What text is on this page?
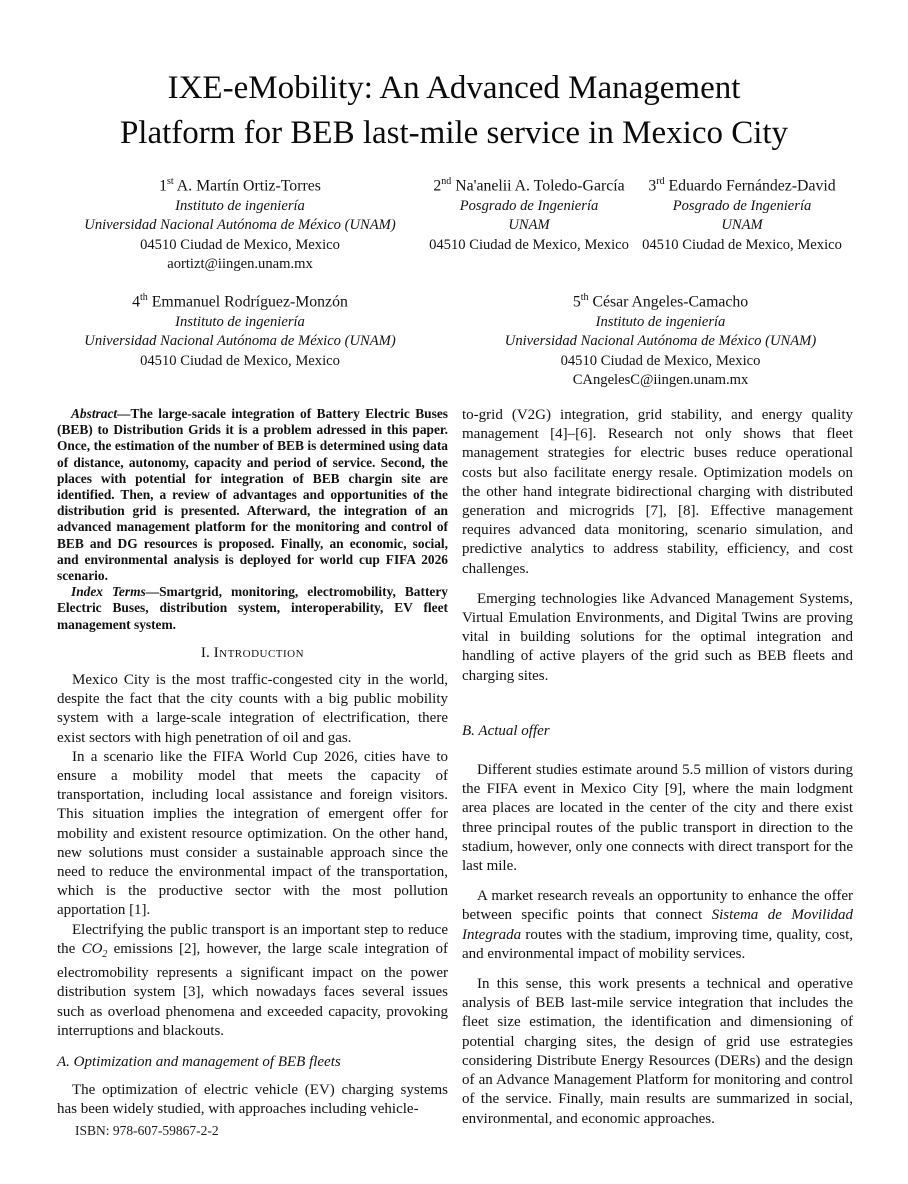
IXE-eMobility: An Advanced Management
Platform for BEB last-mile service in Mexico City
1st A. Martín Ortiz-Torres
Instituto de ingeniería
Universidad Nacional Autónoma de México (UNAM)
04510 Ciudad de Mexico, Mexico
aortizt@iingen.unam.mx
2nd Na'anelii A. Toledo-García
Posgrado de Ingeniería
UNAM
04510 Ciudad de Mexico, Mexico
3rd Eduardo Fernández-David
Posgrado de Ingeniería
UNAM
04510 Ciudad de Mexico, Mexico
4th Emmanuel Rodríguez-Monzón
Instituto de ingeniería
Universidad Nacional Autónoma de México (UNAM)
04510 Ciudad de Mexico, Mexico
5th César Angeles-Camacho
Instituto de ingeniería
Universidad Nacional Autónoma de México (UNAM)
04510 Ciudad de Mexico, Mexico
CAngelesC@iingen.unam.mx

Abstract—The large-sacale integration of Battery Electric Buses (BEB) to Distribution Grids it is a problem adressed in this paper. Once, the estimation of the number of BEB is determined using data of distance, autonomy, capacity and period of service. Second, the places with potential for integration of BEB chargin site are identified. Then, a review of advantages and opportunities of the distribution grid is presented. Afterward, the integration of an advanced management platform for the monitoring and control of BEB and DG resources is proposed. Finally, an economic, social, and environmental analysis is deployed for world cup FIFA 2026 scenario.

Index Terms—Smartgrid, monitoring, electromobility, Battery Electric Buses, distribution system, interoperability, EV fleet management system.

I. Introduction

Mexico City is the most traffic-congested city in the world, despite the fact that the city counts with a big public mobility system with a large-scale integration of electrification, there exist sectors with high penetration of oil and gas.

In a scenario like the FIFA World Cup 2026, cities have to ensure a mobility model that meets the capacity of transportation, including local assistance and foreign visitors. This situation implies the integration of emergent offer for mobility and existent resource optimization. On the other hand, new solutions must consider a sustainable approach since the need to reduce the environmental impact of the transportation, which is the productive sector with the most pollution apportation [1].

Electrifying the public transport is an important step to reduce the $CO_2$ emissions [2], however, the large scale integration of electromobility represents a significant impact on the power distribution system [3], which nowadays faces several issues such as overload phenomena and exceeded capacity, provoking interruptions and blackouts.

A. Optimization and management of BEB fleets

The optimization of electric vehicle (EV) charging systems has been widely studied, with approaches including vehicle-

to-grid (V2G) integration, grid stability, and energy quality management [4]–[6]. Research not only shows that fleet management strategies for electric buses reduce operational costs but also facilitate energy resale. Optimization models on the other hand integrate bidirectional charging with distributed generation and microgrids [7], [8]. Effective management requires advanced data monitoring, scenario simulation, and predictive analytics to address stability, efficiency, and cost challenges.

Emerging technologies like Advanced Management Systems, Virtual Emulation Environments, and Digital Twins are proving vital in building solutions for the optimal integration and handling of active players of the grid such as BEB fleets and charging sites.

B. Actual offer

Different studies estimate around 5.5 million of vistors during the FIFA event in Mexico City [9], where the main lodgment area places are located in the center of the city and there exist three principal routes of the public transport in direction to the stadium, however, only one connects with direct transport for the last mile.

A market research reveals an opportunity to enhance the offer between specific points that connect Sistema de Movilidad Integrada routes with the stadium, improving time, quality, cost, and environmental impact of mobility services.

In this sense, this work presents a technical and operative analysis of BEB last-mile service integration that includes the fleet size estimation, the identification and dimensioning of potential charging sites, the design of grid use estrategies considering Distribute Energy Resources (DERs) and the design of an Advance Management Platform for monitoring and control of the service. Finally, main results are summarized in social, environmental, and economic approaches.

ISBN: 978-607-59867-2-2
